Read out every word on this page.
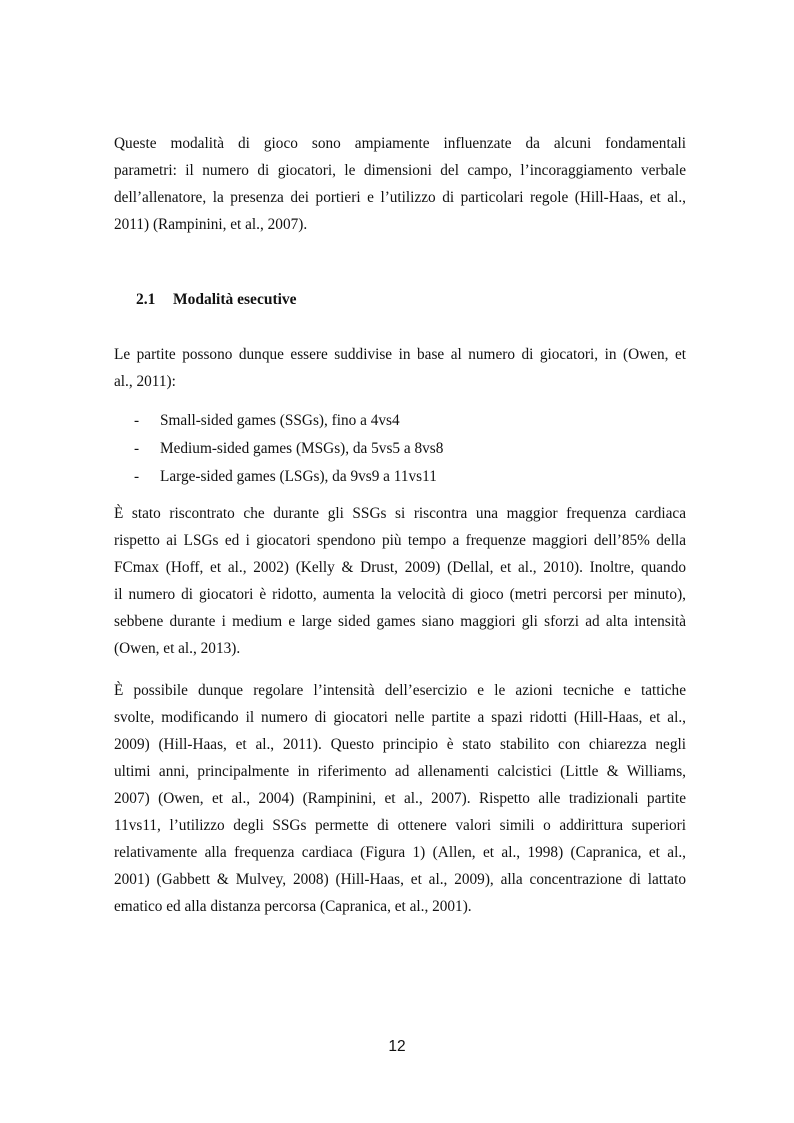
Queste modalità di gioco sono ampiamente influenzate da alcuni fondamentali
parametri: il numero di giocatori, le dimensioni del campo, l’incoraggiamento verbale
dell’allenatore, la presenza dei portieri e l’utilizzo di particolari regole (Hill-Haas, et al.,
2011) (Rampinini, et al., 2007).

2.1 Modalità esecutive

Le partite possono dunque essere suddivise in base al numero di giocatori, in (Owen, et
al., 2011):

- Small-sided games (SSGs), fino a 4vs4
- Medium-sided games (MSGs), da 5vs5 a 8vs8
- Large-sided games (LSGs), da 9vs9 a 11vs11

È stato riscontrato che durante gli SSGs si riscontra una maggior frequenza cardiaca
rispetto ai LSGs ed i giocatori spendono più tempo a frequenze maggiori dell’85% della
FCmax (Hoff, et al., 2002) (Kelly & Drust, 2009) (Dellal, et al., 2010). Inoltre, quando
il numero di giocatori è ridotto, aumenta la velocità di gioco (metri percorsi per minuto),
sebbene durante i medium e large sided games siano maggiori gli sforzi ad alta intensità
(Owen, et al., 2013).

È possibile dunque regolare l’intensità dell’esercizio e le azioni tecniche e tattiche
svolte, modificando il numero di giocatori nelle partite a spazi ridotti (Hill-Haas, et al.,
2009) (Hill-Haas, et al., 2011). Questo principio è stato stabilito con chiarezza negli
ultimi anni, principalmente in riferimento ad allenamenti calcistici (Little & Williams,
2007) (Owen, et al., 2004) (Rampinini, et al., 2007). Rispetto alle tradizionali partite
11vs11, l’utilizzo degli SSGs permette di ottenere valori simili o addirittura superiori
relativamente alla frequenza cardiaca (Figura 1) (Allen, et al., 1998) (Capranica, et al.,
2001) (Gabbett & Mulvey, 2008) (Hill-Haas, et al., 2009), alla concentrazione di lattato
ematico ed alla distanza percorsa (Capranica, et al., 2001).

12
